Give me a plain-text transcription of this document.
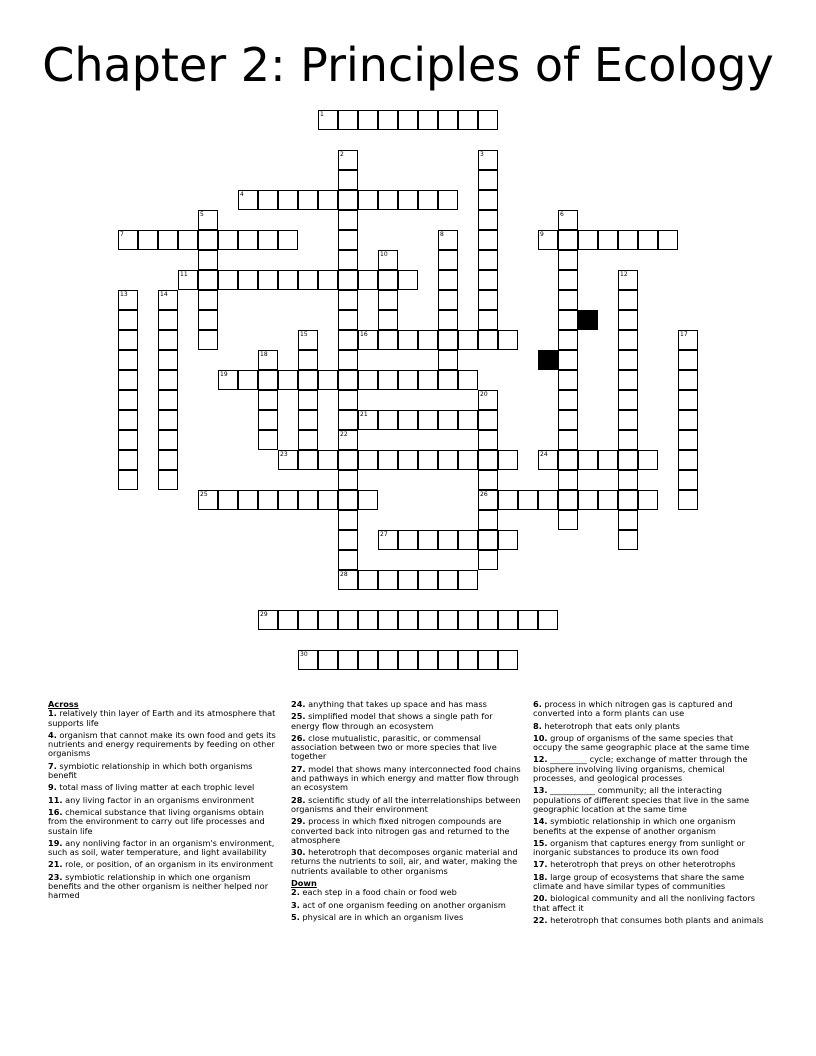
Chapter 2: Principles of Ecology
1
2
22
3
4
5	6
7	8	9
10
11	12
13	14
15	16	17
18
19
20
26
21
23	24
25
27
28
29
30
Across
1. relatively thin layer of Earth and its atmosphere that supports life
4. organism that cannot make its own food and gets its nutrients and energy requirements by feeding on other organisms
7. symbiotic relationship in which both organisms benefit
9. total mass of living matter at each trophic level
11. any living factor in an organisms environment
16. chemical substance that living organisms obtain from the environment to carry out life processes and sustain life
19. any nonliving factor in an organism's environment, such as soil, water temperature, and light availability
21. role, or position, of an organism in its environment
23. symbiotic relationship in which one organism benefits and the other organism is neither helped nor harmed
24. anything that takes up space and has mass
25. simplified model that shows a single path for energy flow through an ecosystem
26. close mutualistic, parasitic, or commensal association between two or more species that live together
27. model that shows many interconnected food chains and pathways in which energy and matter flow through an ecosystem
28. scientific study of all the interrelationships between organisms and their environment
29. process in which fixed nitrogen compounds are converted back into nitrogen gas and returned to the atmosphere
30. heterotroph that decomposes organic material and returns the nutrients to soil, air, and water, making the nutrients available to other organisms
Down
2. each step in a food chain or food web
3. act of one organism feeding on another organism
5. physical are in which an organism lives
6. process in which nitrogen gas is captured and converted into a form plants can use
8. heterotroph that eats only plants
10. group of organisms of the same species that occupy the same geographic place at the same time
12. _________ cycle; exchange of matter through the biosphere involving living organisms, chemical processes, and geological processes
13. ___________ community; all the interacting populations of different species that live in the same geographic location at the same time
14. symbiotic relationship in which one organism benefits at the expense of another organism
15. organism that captures energy from sunlight or inorganic substances to produce its own food
17. heterotroph that preys on other heterotrophs
18. large group of ecosystems that share the same climate and have similar types of communities
20. biological community and all the nonliving factors that affect it
22. heterotroph that consumes both plants and animals
